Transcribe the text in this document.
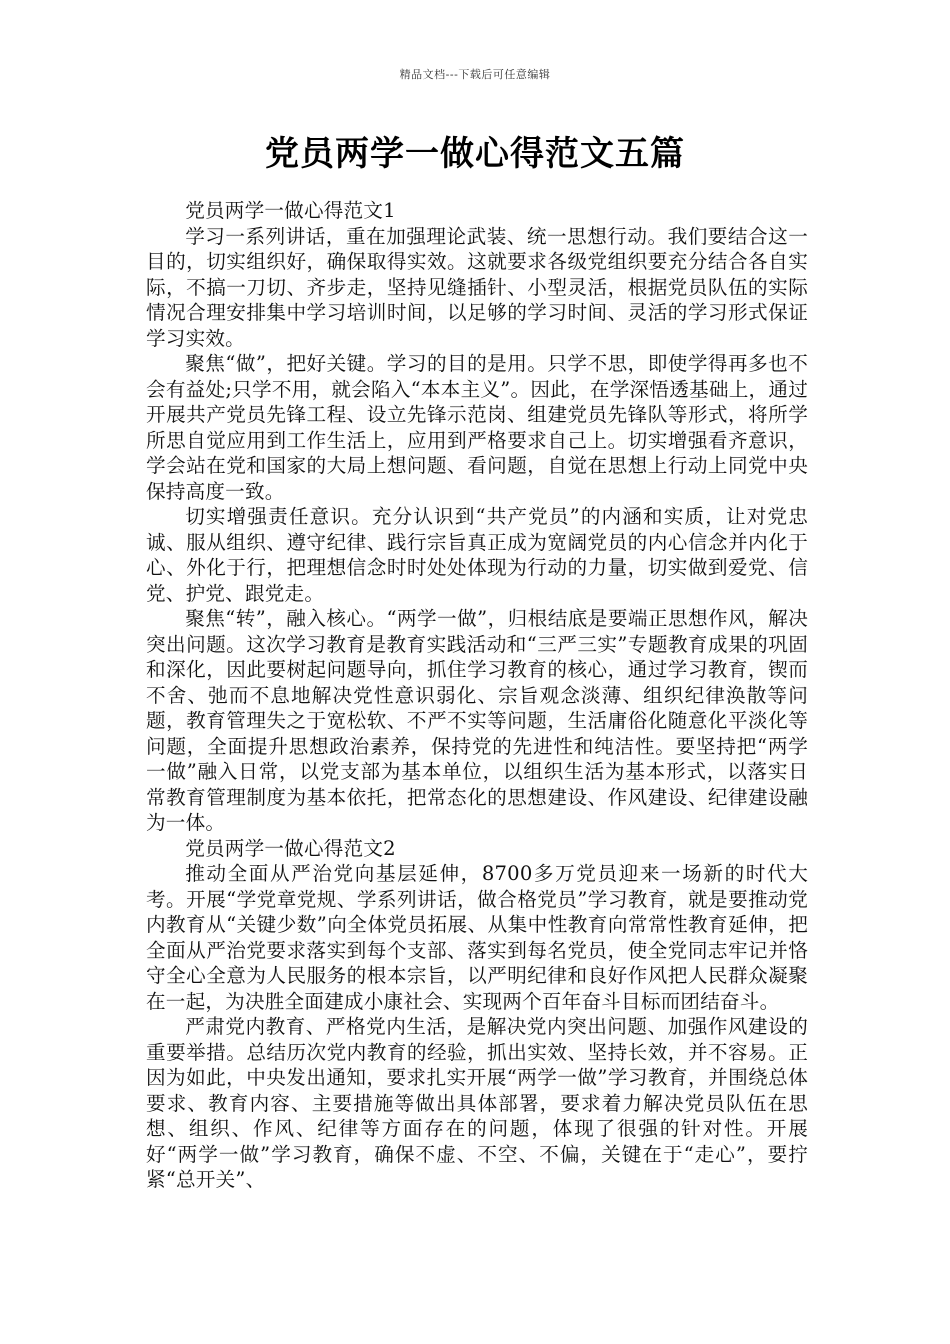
精品文档---下载后可任意编辑
党员两学一做心得范文五篇

党员两学一做心得范文1

学习一系列讲话，重在加强理论武装、统一思想行动。我们要结合这一目的，切实组织好，确保取得实效。这就要求各级党组织要充分结合各自实际，不搞一刀切、齐步走，坚持见缝插针、小型灵活，根据党员队伍的实际情况合理安排集中学习培训时间，以足够的学习时间、灵活的学习形式保证学习实效。

聚焦“做”，把好关键。学习的目的是用。只学不思，即使学得再多也不会有益处;只学不用，就会陷入“本本主义”。因此，在学深悟透基础上，通过开展共产党员先锋工程、设立先锋示范岗、组建党员先锋队等形式，将所学所思自觉应用到工作生活上，应用到严格要求自己上。切实增强看齐意识，学会站在党和国家的大局上想问题、看问题，自觉在思想上行动上同党中央保持高度一致。

切实增强责任意识。充分认识到“共产党员”的内涵和实质，让对党忠诚、服从组织、遵守纪律、践行宗旨真正成为宽阔党员的内心信念并内化于心、外化于行，把理想信念时时处处体现为行动的力量，切实做到爱党、信党、护党、跟党走。

聚焦“转”，融入核心。“两学一做”，归根结底是要端正思想作风，解决突出问题。这次学习教育是教育实践活动和“三严三实”专题教育成果的巩固和深化，因此要树起问题导向，抓住学习教育的核心，通过学习教育，锲而不舍、弛而不息地解决党性意识弱化、宗旨观念淡薄、组织纪律涣散等问题，教育管理失之于宽松软、不严不实等问题，生活庸俗化随意化平淡化等问题，全面提升思想政治素养，保持党的先进性和纯洁性。要坚持把“两学一做”融入日常，以党支部为基本单位，以组织生活为基本形式，以落实日常教育管理制度为基本依托，把常态化的思想建设、作风建设、纪律建设融为一体。

党员两学一做心得范文2

推动全面从严治党向基层延伸，8700多万党员迎来一场新的时代大考。开展“学党章党规、学系列讲话，做合格党员”学习教育，就是要推动党内教育从“关键少数”向全体党员拓展、从集中性教育向常常性教育延伸，把全面从严治党要求落实到每个支部、落实到每名党员，使全党同志牢记并恪守全心全意为人民服务的根本宗旨，以严明纪律和良好作风把人民群众凝聚在一起，为决胜全面建成小康社会、实现两个百年奋斗目标而团结奋斗。

严肃党内教育、严格党内生活，是解决党内突出问题、加强作风建设的重要举措。总结历次党内教育的经验，抓出实效、坚持长效，并不容易。正因为如此，中央发出通知，要求扎实开展“两学一做”学习教育，并围绕总体要求、教育内容、主要措施等做出具体部署，要求着力解决党员队伍在思想、组织、作风、纪律等方面存在的问题，体现了很强的针对性。开展好“两学一做”学习教育，确保不虚、不空、不偏，关键在于“走心”，要拧紧“总开关”、
